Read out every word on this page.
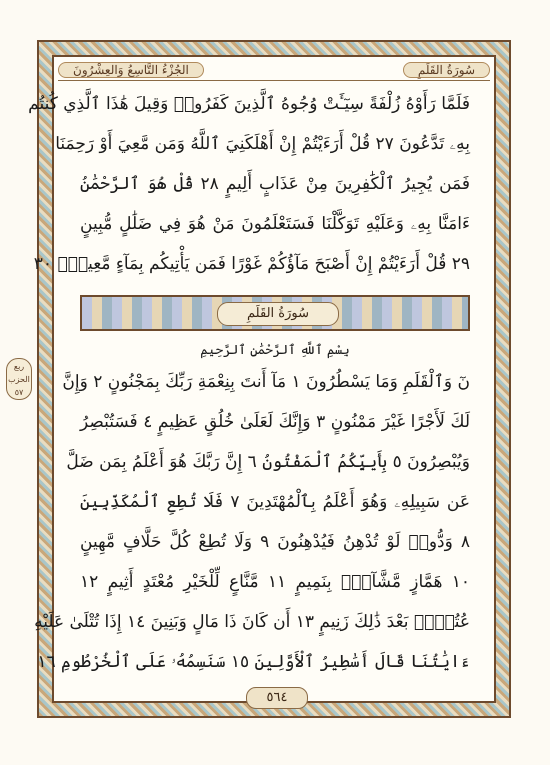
الجُزْءُ التَّاسِعُ وَالعِشْرُونَ	سُورَةُ القَلَمِ
فَلَمَّا رَأَوْهُ زُلْفَةً سِيٓـَٔتْ وُجُوهُ ٱلَّذِينَ كَفَرُوا۟ وَقِيلَ هَٰذَا ٱلَّذِي كُنتُم
بِهِۦ تَدَّعُونَ ٢٧ قُلْ أَرَءَيْتُمْ إِنْ أَهْلَكَنِيَ ٱللَّهُ وَمَن مَّعِيَ أَوْ رَحِمَنَا
فَمَن يُجِيرُ ٱلْكَٰفِرِينَ مِنْ عَذَابٍ أَلِيمٍ ٢٨ قُلْ هُوَ ٱلرَّحْمَٰنُ
ءَامَنَّا بِهِۦ وَعَلَيْهِ تَوَكَّلْنَا فَسَتَعْلَمُونَ مَنْ هُوَ فِي ضَلَٰلٍ مُّبِينٍ
٢٩ قُلْ أَرَءَيْتُمْ إِنْ أَصْبَحَ مَآؤُكُمْ غَوْرًا فَمَن يَأْتِيكُم بِمَآءٍ مَّعِينٍۭ ٣٠
سُورَةُ القَلَمِ
بِسْمِ ٱللَّهِ ٱلرَّحْمَٰنِ ٱلرَّحِيمِ
نٓ وَٱلْقَلَمِ وَمَا يَسْطُرُونَ ١ مَآ أَنتَ بِنِعْمَةِ رَبِّكَ بِمَجْنُونٍ ٢ وَإِنَّ
لَكَ لَأَجْرًا غَيْرَ مَمْنُونٍ ٣ وَإِنَّكَ لَعَلَىٰ خُلُقٍ عَظِيمٍ ٤ فَسَتُبْصِرُ
وَيُبْصِرُونَ ٥ بِأَييِّكُمُ ٱلْمَفْتُونُ ٦ إِنَّ رَبَّكَ هُوَ أَعْلَمُ بِمَن ضَلَّ
عَن سَبِيلِهِۦ وَهُوَ أَعْلَمُ بِٱلْمُهْتَدِينَ ٧ فَلَا تُطِعِ ٱلْمُكَذِّبِينَ
٨ وَدُّوا۟ لَوْ تُدْهِنُ فَيُدْهِنُونَ ٩ وَلَا تُطِعْ كُلَّ حَلَّافٍ مَّهِينٍ
١٠ هَمَّازٍ مَّشَّآءٍۭ بِنَمِيمٍ ١١ مَّنَّاعٍ لِّلْخَيْرِ مُعْتَدٍ أَثِيمٍ ١٢
عُتُلٍّۭ بَعْدَ ذَٰلِكَ زَنِيمٍ ١٣ أَن كَانَ ذَا مَالٍ وَبَنِينَ ١٤ إِذَا تُتْلَىٰ عَلَيْهِ
ءَايَٰتُنَا قَالَ أَسَٰطِيرُ ٱلْأَوَّلِينَ ١٥ سَنَسِمُهُۥ عَلَى ٱلْخُرْطُومِ ١٦
ربع
الحزب
٥٧
٥٦٤
